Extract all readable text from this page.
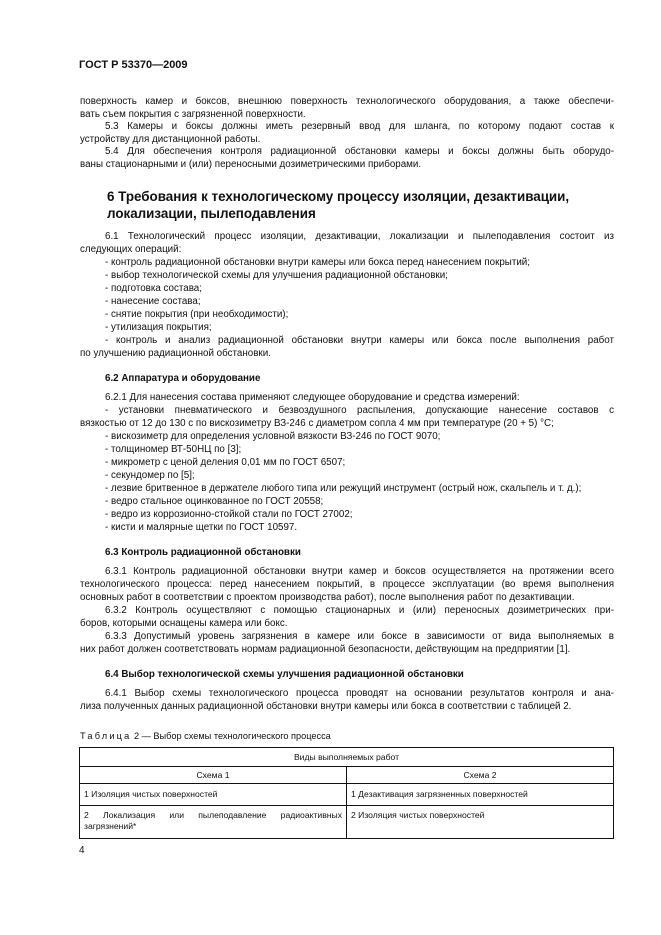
ГОСТ Р 53370—2009
поверхность камер и боксов, внешнюю поверхность технологического оборудования, а также обеспечи-
вать съем покрытия с загрязненной поверхности.
5.3 Камеры и боксы должны иметь резервный ввод для шланга, по которому подают состав к
устройству для дистанционной работы.
5.4 Для обеспечения контроля радиационной обстановки камеры и боксы должны быть оборудо-
ваны стационарными и (или) переносными дозиметрическими приборами.
6 Требования к технологическому процессу изоляции, дезактивации,
локализации, пылеподавления
6.1 Технологический процесс изоляции, дезактивации, локализации и пылеподавления состоит из
следующих операций:
- контроль радиационной обстановки внутри камеры или бокса перед нанесением покрытий;
- выбор технологической схемы для улучшения радиационной обстановки;
- подготовка состава;
- нанесение состава;
- снятие покрытия (при необходимости);
- утилизация покрытия;
- контроль и анализ радиационной обстановки внутри камеры или бокса после выполнения работ
по улучшению радиационной обстановки.
6.2 Аппаратура и оборудование
6.2.1 Для нанесения состава применяют следующее оборудование и средства измерений:
- установки пневматического и безвоздушного распыления, допускающие нанесение составов с
вязкостью от 12 до 130 с по вискозиметру ВЗ-246 с диаметром сопла 4 мм при температуре (20 + 5) °С;
- вискозиметр для определения условной вязкости ВЗ-246 по ГОСТ 9070;
- толщиномер ВТ-50НЦ по [3];
- микрометр с ценой деления 0,01 мм по ГОСТ 6507;
- секундомер по [5];
- лезвие бритвенное в держателе любого типа или режущий инструмент (острый нож, скальпель и т. д.);
- ведро стальное оцинкованное по ГОСТ 20558;
- ведро из коррозионно-стойкой стали по ГОСТ 27002;
- кисти и малярные щетки по ГОСТ 10597.
6.3 Контроль радиационной обстановки
6.3.1 Контроль радиационной обстановки внутри камер и боксов осуществляется на протяжении всего
технологического процесса: перед нанесением покрытий, в процессе эксплуатации (во время выполнения
основных работ в соответствии с проектом производства работ), после выполнения работ по дезактивации.
6.3.2 Контроль осуществляют с помощью стационарных и (или) переносных дозиметрических при-
боров, которыми оснащены камера или бокс.
6.3.3 Допустимый уровень загрязнения в камере или боксе в зависимости от вида выполняемых в
них работ должен соответствовать нормам радиационной безопасности, действующим на предприятии [1].
6.4 Выбор технологической схемы улучшения радиационной обстановки
6.4.1 Выбор схемы технологического процесса проводят на основании результатов контроля и ана-
лиза полученных данных радиационной обстановки внутри камеры или бокса в соответствии с таблицей 2.
Таблица 2 — Выбор схемы технологического процесса
Виды выполняемых работ	
Схема 1	Схема 2
1 Изоляция чистых поверхностей	1 Дезактивация загрязненных поверхностей
2 Локализация или пылеподавление радиоактивных загрязнений*	2 Изоляция чистых поверхностей
4
